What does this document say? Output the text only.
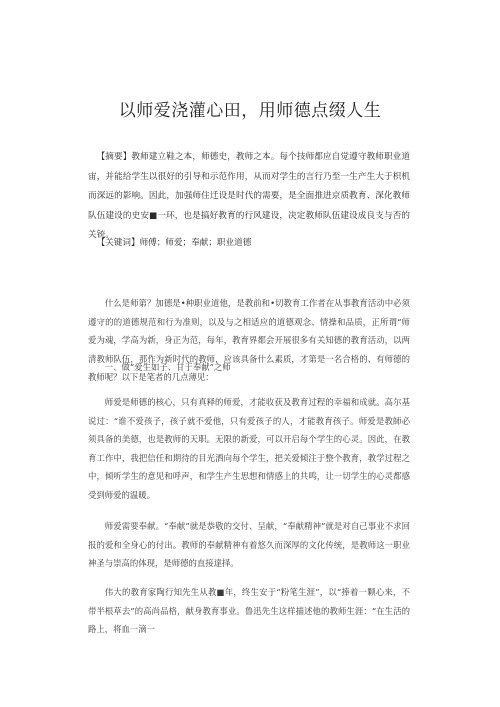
以师爱浇灌心田，用师德点缀人生

【摘要】教师建立鞋之本，师德史，教师之本。每个技师都应自觉遵守教师职业道宙，并能给学生以很好的引导和示范作用，从而对学生的言行乃至一生产生大于枳机而深远的影响。因此，加强师住迁设是时代的需要，是全面推进京质教育、深化教师队伍建设的史安■一环，也是搞好教育的行风建设，决定教师队伍建设成良支与否的关铳。

【关键词】师傅；师爱；奉献；职业道德

什么是师第？加德是•种职业道他，是教前和•切教育工作者在从事教育活动中必须遵守的的道德规范和行为准则，以及与之相适应的道德观念、情操和品质，正所谓“师爱为魂，学高为新，身正为范，每年，教育界都会开展很多有关知德的教育活动，以两清教师队伍，那作为新时代的教师，应该具备什么素质，才第是一名合格的、有师德的教师呢？以下是笔者的几点薄见：

一、做“爱生如子、甘于奉献”之师

师爱是师德的核心，只有真释的师爱，才能收获及教育过程的幸福和成就。高尔基说过：“谁不爱孩子，孩子就不爱他，只有爱孩子的人，才能教育孩子。师爱是教師必须具备的美德，也是教师的天职。无限的新爱，可以开启每个学生的心灵。因此，在教育工作中，我把信任和期待的目光洒向每个学生，把关爱倾注于整个教育，教学过程之中，倾听学生的意见和呼声，和学生产生思想和情感上的共鸣，让一切学生的心灵都感受到师爱的温暖。

师爱需要奉献。“奉献”就是恭敬的交付、呈献，“奉献精神”就是对自己事业不求回报的爱和全身心的付出。教师的奉献精神有着悠久而深厚的文化传统，是教师这一职业神圣与崇高的体现，是师德的直接達择。

伟大的教育家陶行知先生从教■年，终生安于“粉笔生涯”，以“捧着一颗心来，不带半根草去”的高尚品格，献身教育事业。鲁迅先生这样描述他的教师生涯：“在生活的路上，将血一滴一
